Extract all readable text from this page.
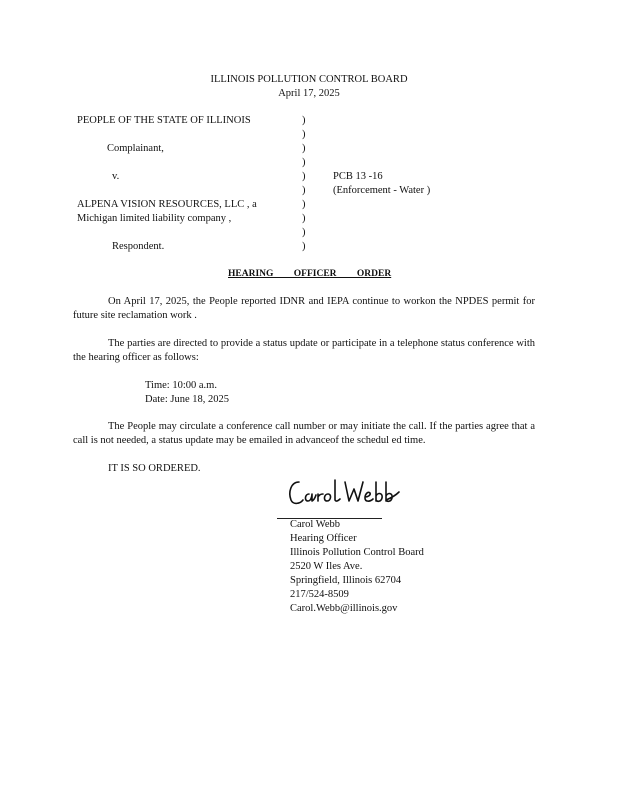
ILLINOIS POLLUTION CONTROL BOARD
April 17, 2025
PEOPLE OF THE STATE OF ILLINOIS
Complainant,
v.	PCB 13 -16
(Enforcement - Water )
ALPENA VISION RESOURCES, LLC , a
Michigan limited liability company ,
Respondent.
)
)
)
)
)
)
)
)
)
)
HEARING OFFICER ORDER
On April 17, 2025, the People reported IDNR and IEPA continue to workon the NPDES permit for future site reclamation work .
The parties are directed to provide a status update or participate in a telephone status conference with the hearing officer as follows:
Time: 10:00 a.m.
Date: June 18, 2025
The People may circulate a conference call number or may initiate the call. If the parties agree that a call is not needed, a status update may be emailed in advanceof the schedul ed time.
IT IS SO ORDERED.
Carol Webb
Hearing Officer
Illinois Pollution Control Board
2520 W Iles Ave.
Springfield, Illinois 62704
217/524-8509
Carol.Webb@illinois.gov
